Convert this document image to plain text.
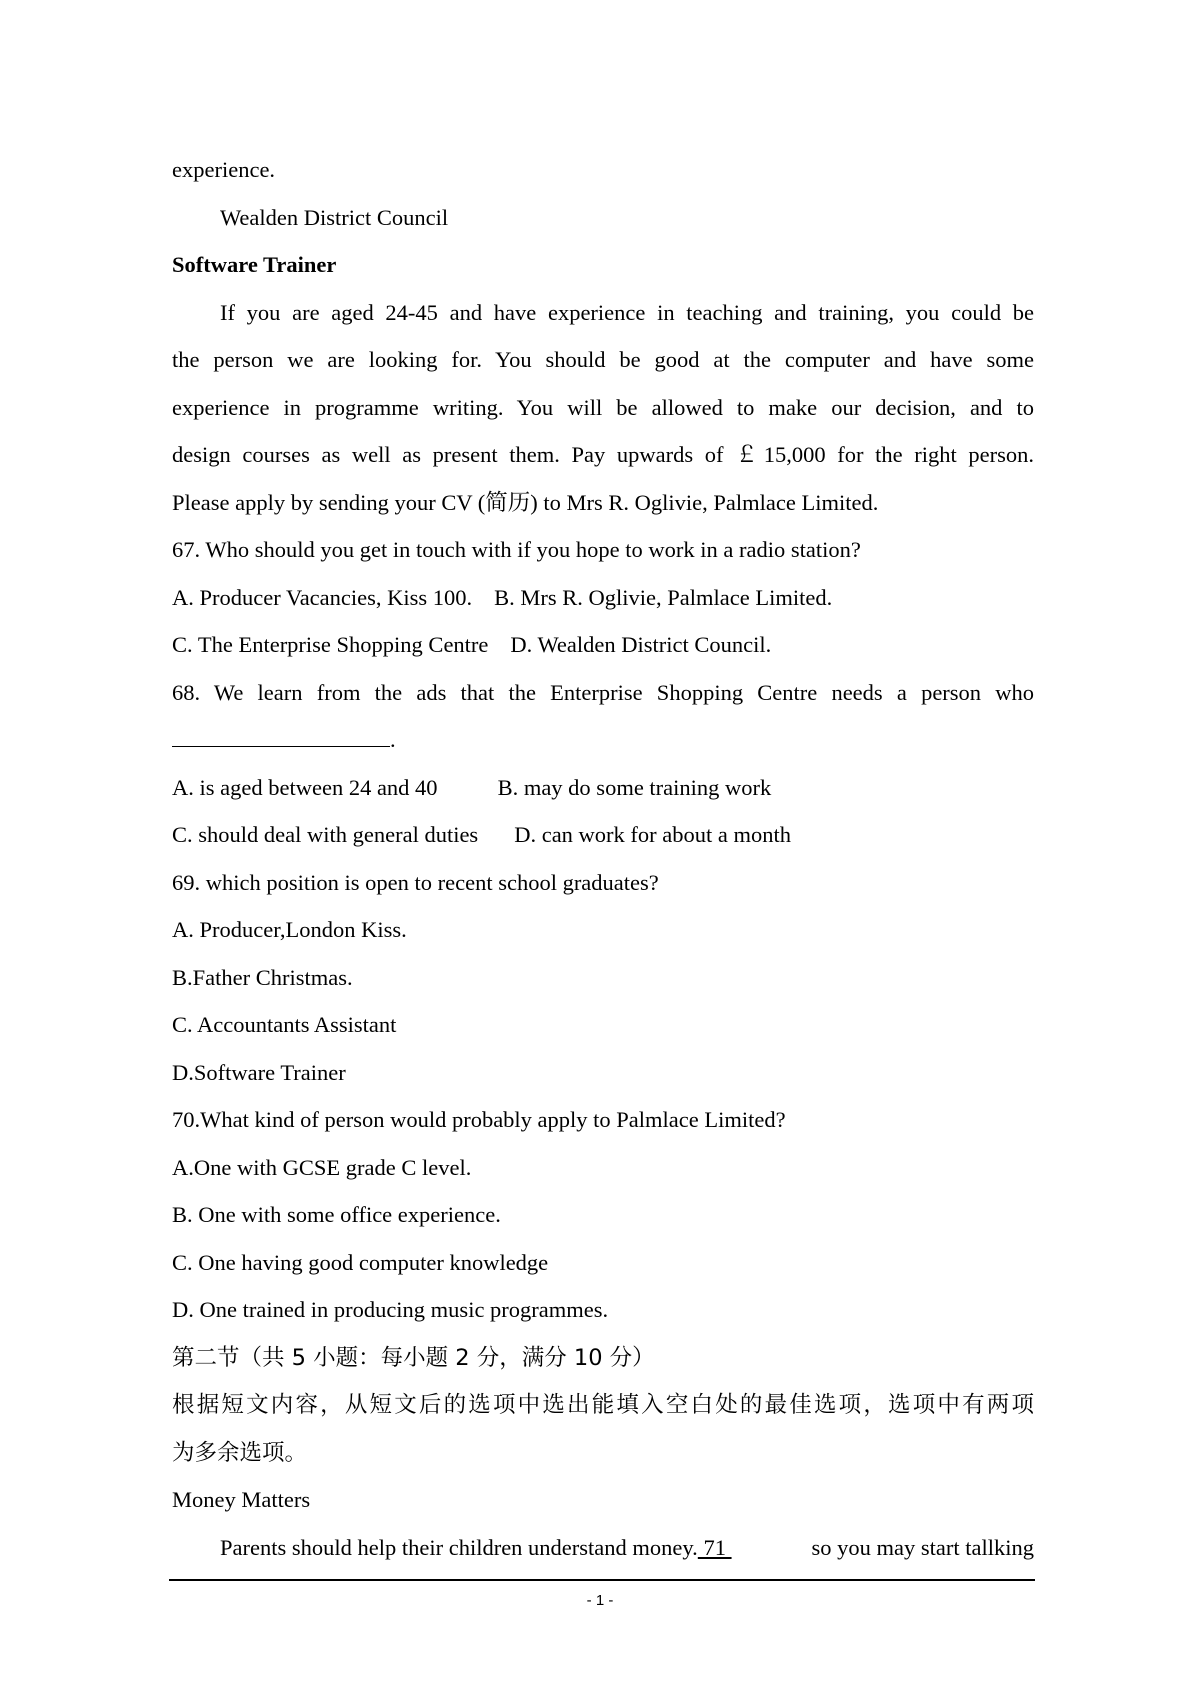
experience.
Wealden District Council
Software Trainer
If you are aged 24-45 and have experience in teaching and training, you could be
the person we are looking for. You should be good at the computer and have some
experience in programme writing. You will be allowed to make our decision, and to
design courses as well as present them. Pay upwards of ￡15,000 for the right person.
Please apply by sending your CV (简历) to Mrs R. Oglivie, Palmlace Limited.
67. Who should you get in touch with if you hope to work in a radio station?
A. Producer Vacancies, Kiss 100. B. Mrs R. Oglivie, Palmlace Limited.
C. The Enterprise Shopping Centre D. Wealden District Council.
68. We learn from the ads that the Enterprise Shopping Centre needs a person who
.
A. is aged between 24 and 40	B. may do some training work
C. should deal with general duties D. can work for about a month
69. which position is open to recent school graduates?
A. Producer,London Kiss.
B.Father Christmas.
C. Accountants Assistant
D.Software Trainer
70.What kind of person would probably apply to Palmlace Limited?
A.One with GCSE grade C level.
B. One with some office experience.
C. One having good computer knowledge
D. One trained in producing music programmes.
第二节（共 5 小题：每小题 2 分，满分 10 分）
根据短文内容，从短文后的选项中选出能填入空白处的最佳选项，选项中有两项
为多余选项。
Money Matters
Parents should help their children understand money. 71	so you may start tallking
- 1 -
